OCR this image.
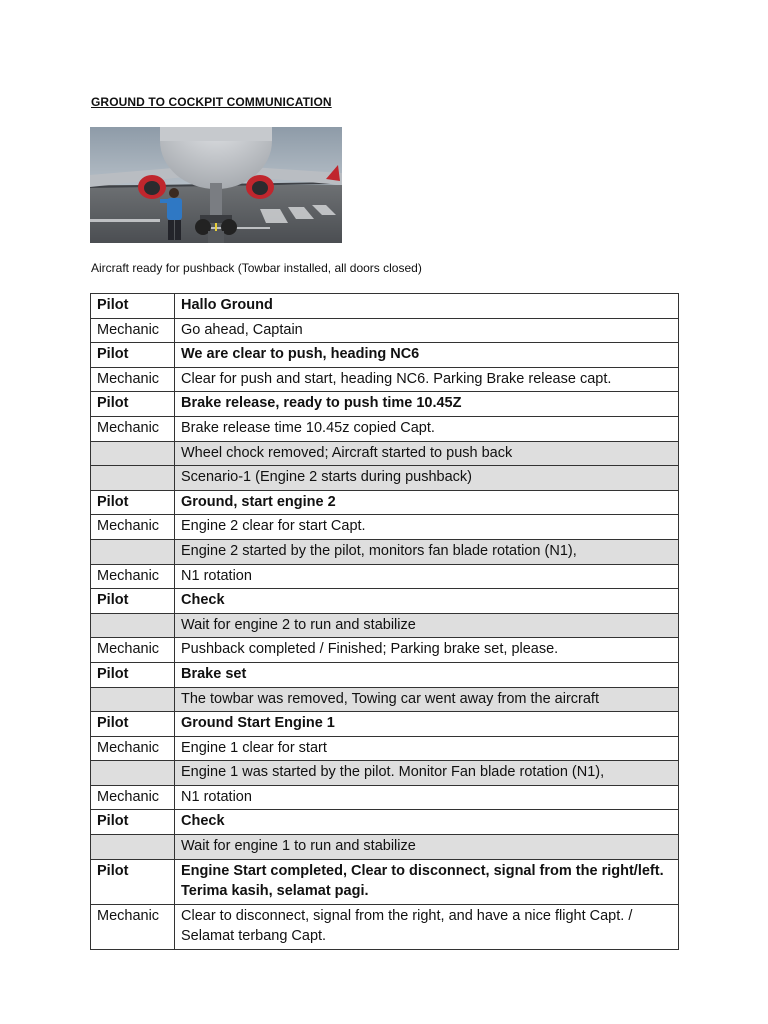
GROUND TO COCKPIT COMMUNICATION
Aircraft ready for pushback (Towbar installed, all doors closed)
Pilot	Hallo Ground
Mechanic	Go ahead, Captain
Pilot	We are clear to push, heading NC6
Mechanic	Clear for push and start, heading NC6. Parking Brake release capt.
Pilot	Brake release, ready to push time 10.45Z
Mechanic	Brake release time 10.45z copied Capt.
	Wheel chock removed; Aircraft started to push back
	Scenario-1 (Engine 2 starts during pushback)
Pilot	Ground, start engine 2
Mechanic	Engine 2 clear for start Capt.
	Engine 2 started by the pilot, monitors fan blade rotation (N1),
Mechanic	N1 rotation
Pilot	Check
	Wait for engine 2 to run and stabilize
Mechanic	Pushback completed / Finished; Parking brake set, please.
Pilot	Brake set
	The towbar was removed, Towing car went away from the aircraft
Pilot	Ground Start Engine 1
Mechanic	Engine 1 clear for start
	Engine 1 was started by the pilot. Monitor Fan blade rotation (N1),
Mechanic	N1 rotation
Pilot	Check
	Wait for engine 1 to run and stabilize
Pilot	Engine Start completed, Clear to disconnect, signal from the right/left. Terima kasih, selamat pagi.
Mechanic	Clear to disconnect, signal from the right, and have a nice flight Capt. / Selamat terbang Capt.
